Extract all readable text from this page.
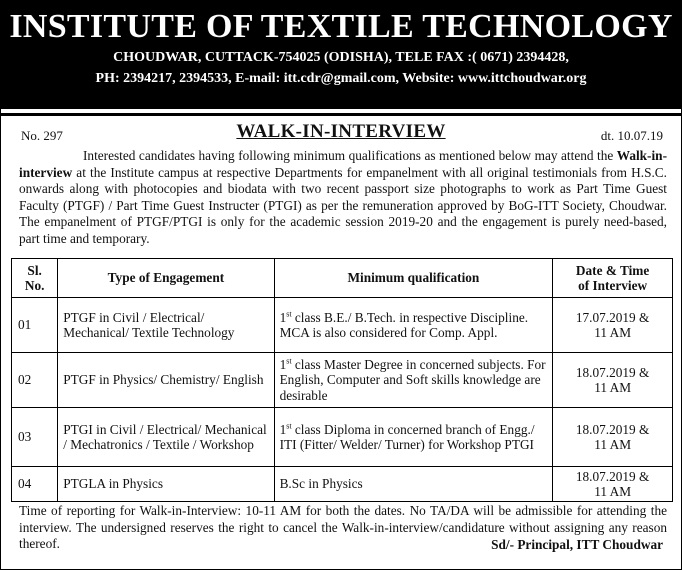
INSTITUTE OF TEXTILE TECHNOLOGY
CHOUDWAR, CUTTACK-754025 (ODISHA), TELE FAX :( 0671) 2394428,
PH: 2394217, 2394533, E-mail: itt.cdr@gmail.com, Website: www.ittchoudwar.org
WALK-IN-INTERVIEW
No. 297	dt. 10.07.19
Interested candidates having following minimum qualifications as mentioned below may attend the Walk-in-interview at the Institute campus at respective Departments for empanelment with all original testimonials from H.S.C. onwards along with photocopies and biodata with two recent passport size photographs to work as Part Time Guest Faculty (PTGF) / Part Time Guest Instructer (PTGI) as per the remuneration approved by BoG-ITT Society, Choudwar. The empanelment of PTGF/PTGI is only for the academic session 2019-20 and the engagement is purely need-based, part time and temporary.
Sl.
No.	Type of Engagement	Minimum qualification	Date & Time
of Interview
01	PTGF in Civil / Electrical/ Mechanical/ Textile Technology	1st class B.E./ B.Tech. in respective Discipline.
MCA is also considered for Comp. Appl.	17.07.2019 &
11 AM
02	PTGF in Physics/ Chemistry/ English	1st class Master Degree in concerned subjects. For English, Computer and Soft skills knowledge are desirable	18.07.2019 &
11 AM
03	PTGI in Civil / Electrical/ Mechanical / Mechatronics / Textile / Workshop	1st class Diploma in concerned branch of Engg./ ITI (Fitter/ Welder/ Turner) for Workshop PTGI	18.07.2019 &
11 AM
04	PTGLA in Physics	B.Sc in Physics	18.07.2019 &
11 AM
Time of reporting for Walk-in-Interview: 10-11 AM for both the dates. No TA/DA will be admissible for attending the interview. The undersigned reserves the right to cancel the Walk-in-interview/candidature without assigning any reason thereof.	Sd/- Principal, ITT Choudwar
